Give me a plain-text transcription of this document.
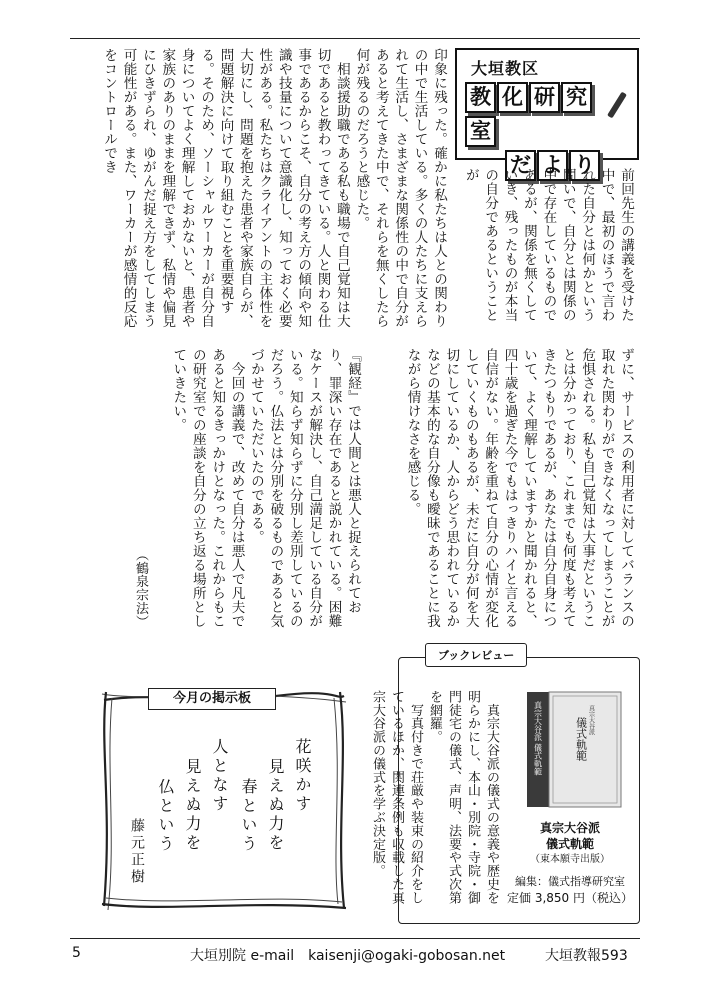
大垣教区
教 化 研 究室
だ よ り
前回先生の講義を受けた中で、最初のほうで言われた自分とは何かという問いで、自分とは関係の中で存在しているものであるが、関係を無くしていき、残ったものが本当の自分であるということが
印象に残った。確かに私たちは人との関わりの中で生活している。多くの人たちに支えられて生活し、さまざまな関係性の中で自分があると考えてきた中で、それらを無くしたら何が残るのだろうと感じた。
　相談援助職である私も職場で自己覚知は大切であると教わってきている。人と関わる仕事であるからこそ、自分の考え方の傾向や知識や技量について意識化し、知っておく必要性がある。私たちはクライアントの主体性を大切にし、問題を抱えた患者や家族自らが、問題解決に向けて取り組むことを重要視する。そのため、ソーシャルワーカーが自分自身についてよく理解しておかないと、患者や家族のありのままを理解できず、私情や偏見にひきずられ、ゆがんだ捉え方をしてしまう可能性がある。また、ワーカーが感情的反応をコントロールでき
ずに、サービスの利用者に対してバランスの取れた関わりができなくなってしまうことが危惧される。私も自己覚知は大事だということは分かっており、これまでも何度も考えてきたつもりであるが、あなたは自分自身について、よく理解していますかと聞かれると、四十歳を過ぎた今でもはっきりハイと言える自信がない。年齢を重ねて自分の心情が変化していくものもあるが、未だに自分が何を大切にしているか、人からどう思われているかなどの基本的な自分像も曖昧であることに我ながら情けなさを感じる。
『観経』では人間とは悪人と捉えられており、罪深い存在であると説かれている。困難なケースが解決し、自己満足している自分がいる。知らず知らずに分別し差別しているのだろう。仏法とは分別を破るものであると気づかせていただいたのである。
　今回の講義で、改めて自分は悪人で凡夫であると知るきっかけとなった。これからもこの研究室での座談を自分の立ち返る場所としていきたい。
（鶴泉宗法）
ブックレビュー
　真宗大谷派の儀式の意義や歴史を明らかにし、本山・別院・寺院・御門徒宅の儀式、声明、法要や式次第を網羅。
　写真付きで荘厳や装束の紹介をしているほか、関連条例も収載した真宗大谷派の儀式を学ぶ決定版。	真宗大谷派 儀式軌範	真宗大谷派
儀式軌範
真宗大谷派
儀式軌範
（東本願寺出版）
編集：儀式指導研究室
定価 3,850 円（税込）
今月の掲示板
花咲かす
見えぬ力を
春という
人となす
見えぬ力を
仏という
藤元正樹
5	大垣別院 e-mail　kaisenji@ogaki-gobosan.net	大垣教報593
